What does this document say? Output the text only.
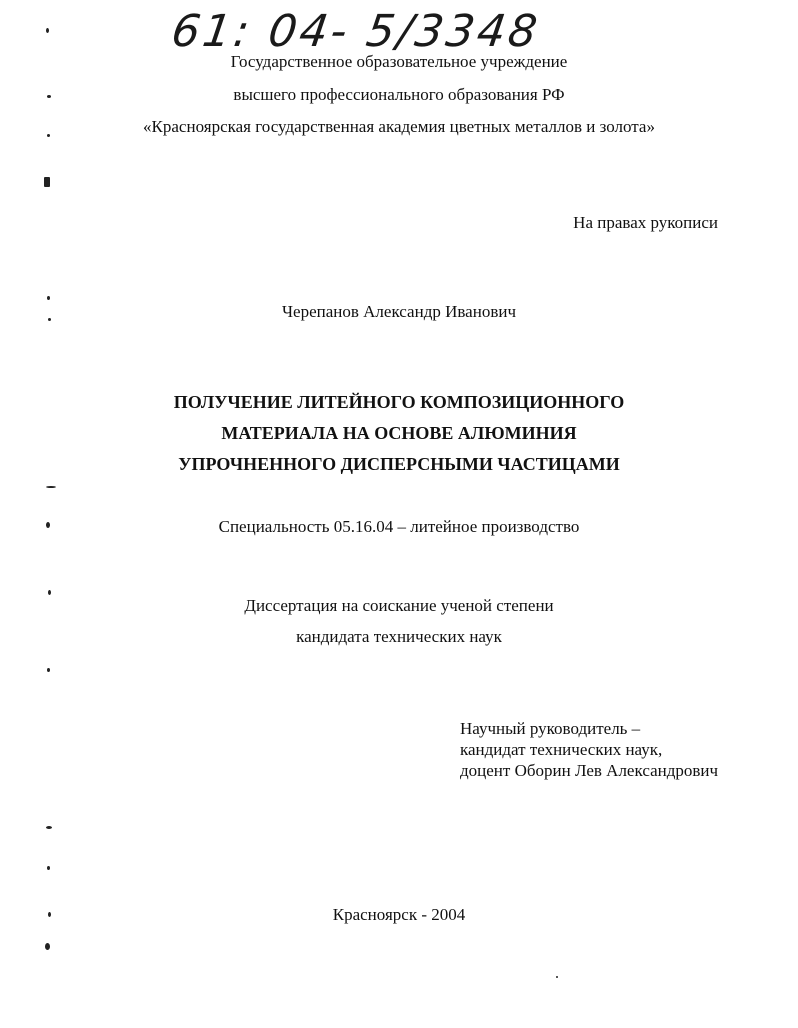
61: 04- 5/3348
Государственное образовательное учреждение
высшего профессионального образования РФ
«Красноярская государственная академия цветных металлов и золота»
На правах рукописи
Черепанов Александр Иванович
ПОЛУЧЕНИЕ ЛИТЕЙНОГО КОМПОЗИЦИОННОГО
МАТЕРИАЛА НА ОСНОВЕ АЛЮМИНИЯ
УПРОЧНЕННОГО ДИСПЕРСНЫМИ ЧАСТИЦАМИ
Специальность 05.16.04 – литейное производство
Диссертация на соискание ученой степени
кандидата технических наук
Научный руководитель –
кандидат технических наук,
доцент Оборин Лев Александрович
Красноярск - 2004
